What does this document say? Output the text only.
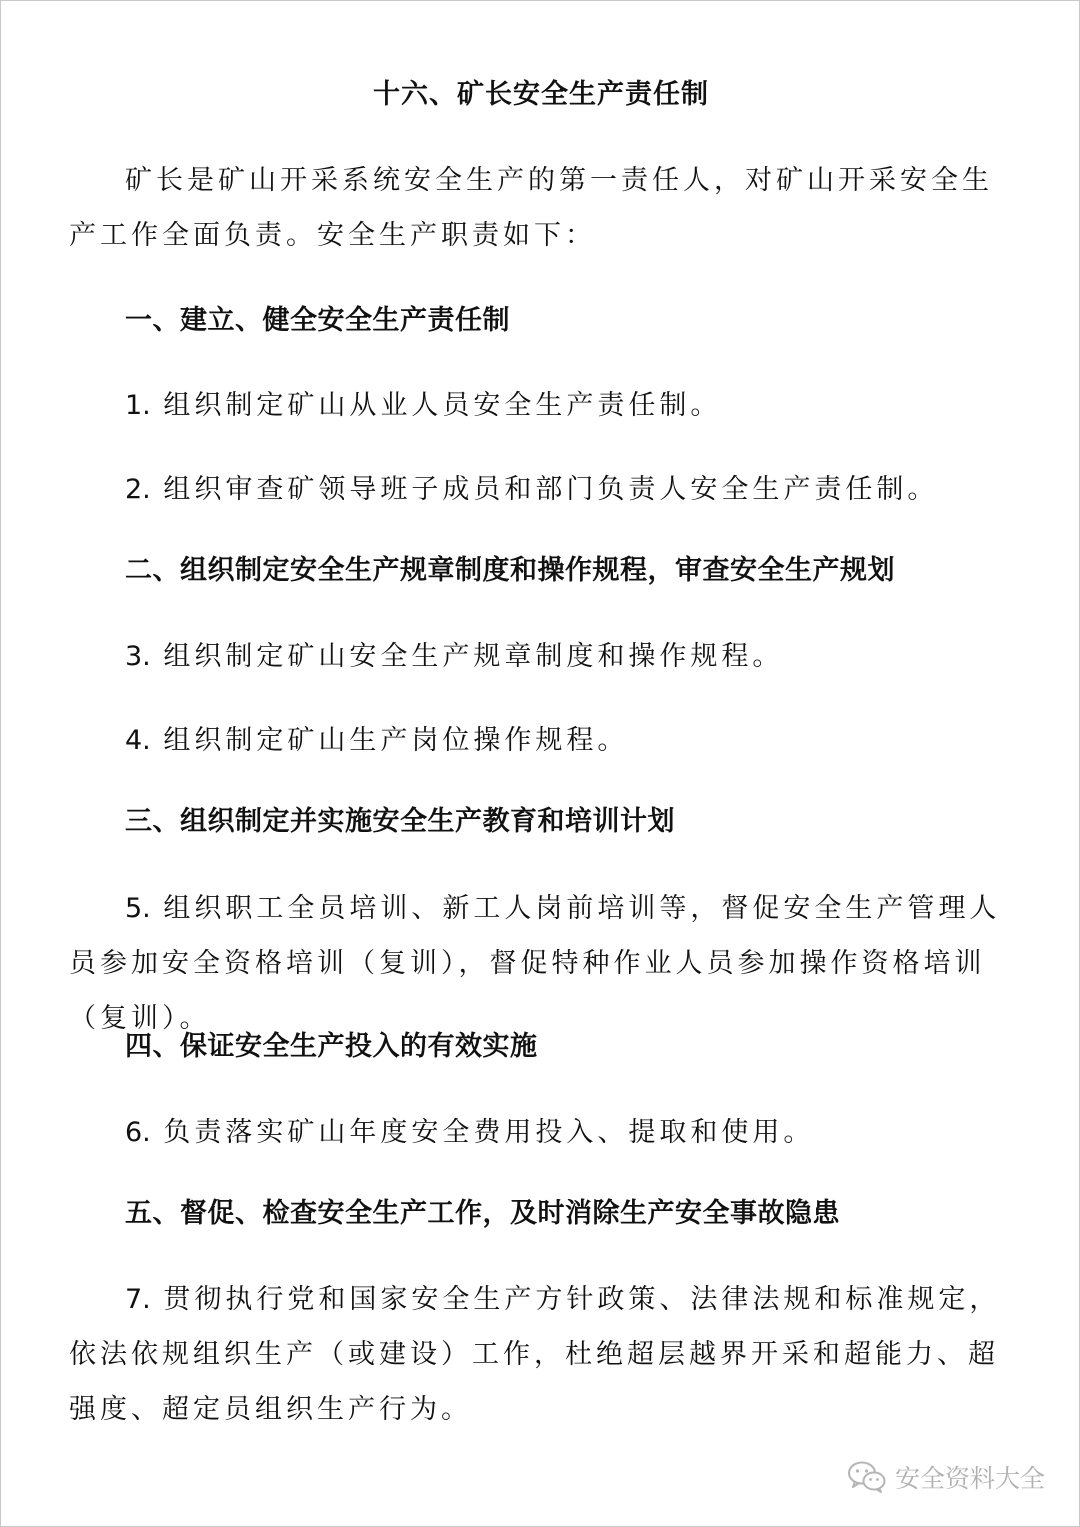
十六、矿长安全生产责任制

矿长是矿山开采系统安全生产的第一责任人，对矿山开采安全生产工作全面负责。安全生产职责如下：

一、建立、健全安全生产责任制

1. 组织制定矿山从业人员安全生产责任制。

2. 组织审查矿领导班子成员和部门负责人安全生产责任制。

二、组织制定安全生产规章制度和操作规程，审查安全生产规划

3. 组织制定矿山安全生产规章制度和操作规程。

4. 组织制定矿山生产岗位操作规程。

三、组织制定并实施安全生产教育和培训计划

5. 组织职工全员培训、新工人岗前培训等，督促安全生产管理人员参加安全资格培训（复训），督促特种作业人员参加操作资格培训（复训）。

四、保证安全生产投入的有效实施

6. 负责落实矿山年度安全费用投入、提取和使用。

五、督促、检查安全生产工作，及时消除生产安全事故隐患

7. 贯彻执行党和国家安全生产方针政策、法律法规和标准规定，依法依规组织生产（或建设）工作，杜绝超层越界开采和超能力、超强度、超定员组织生产行为。

安全资料大全
